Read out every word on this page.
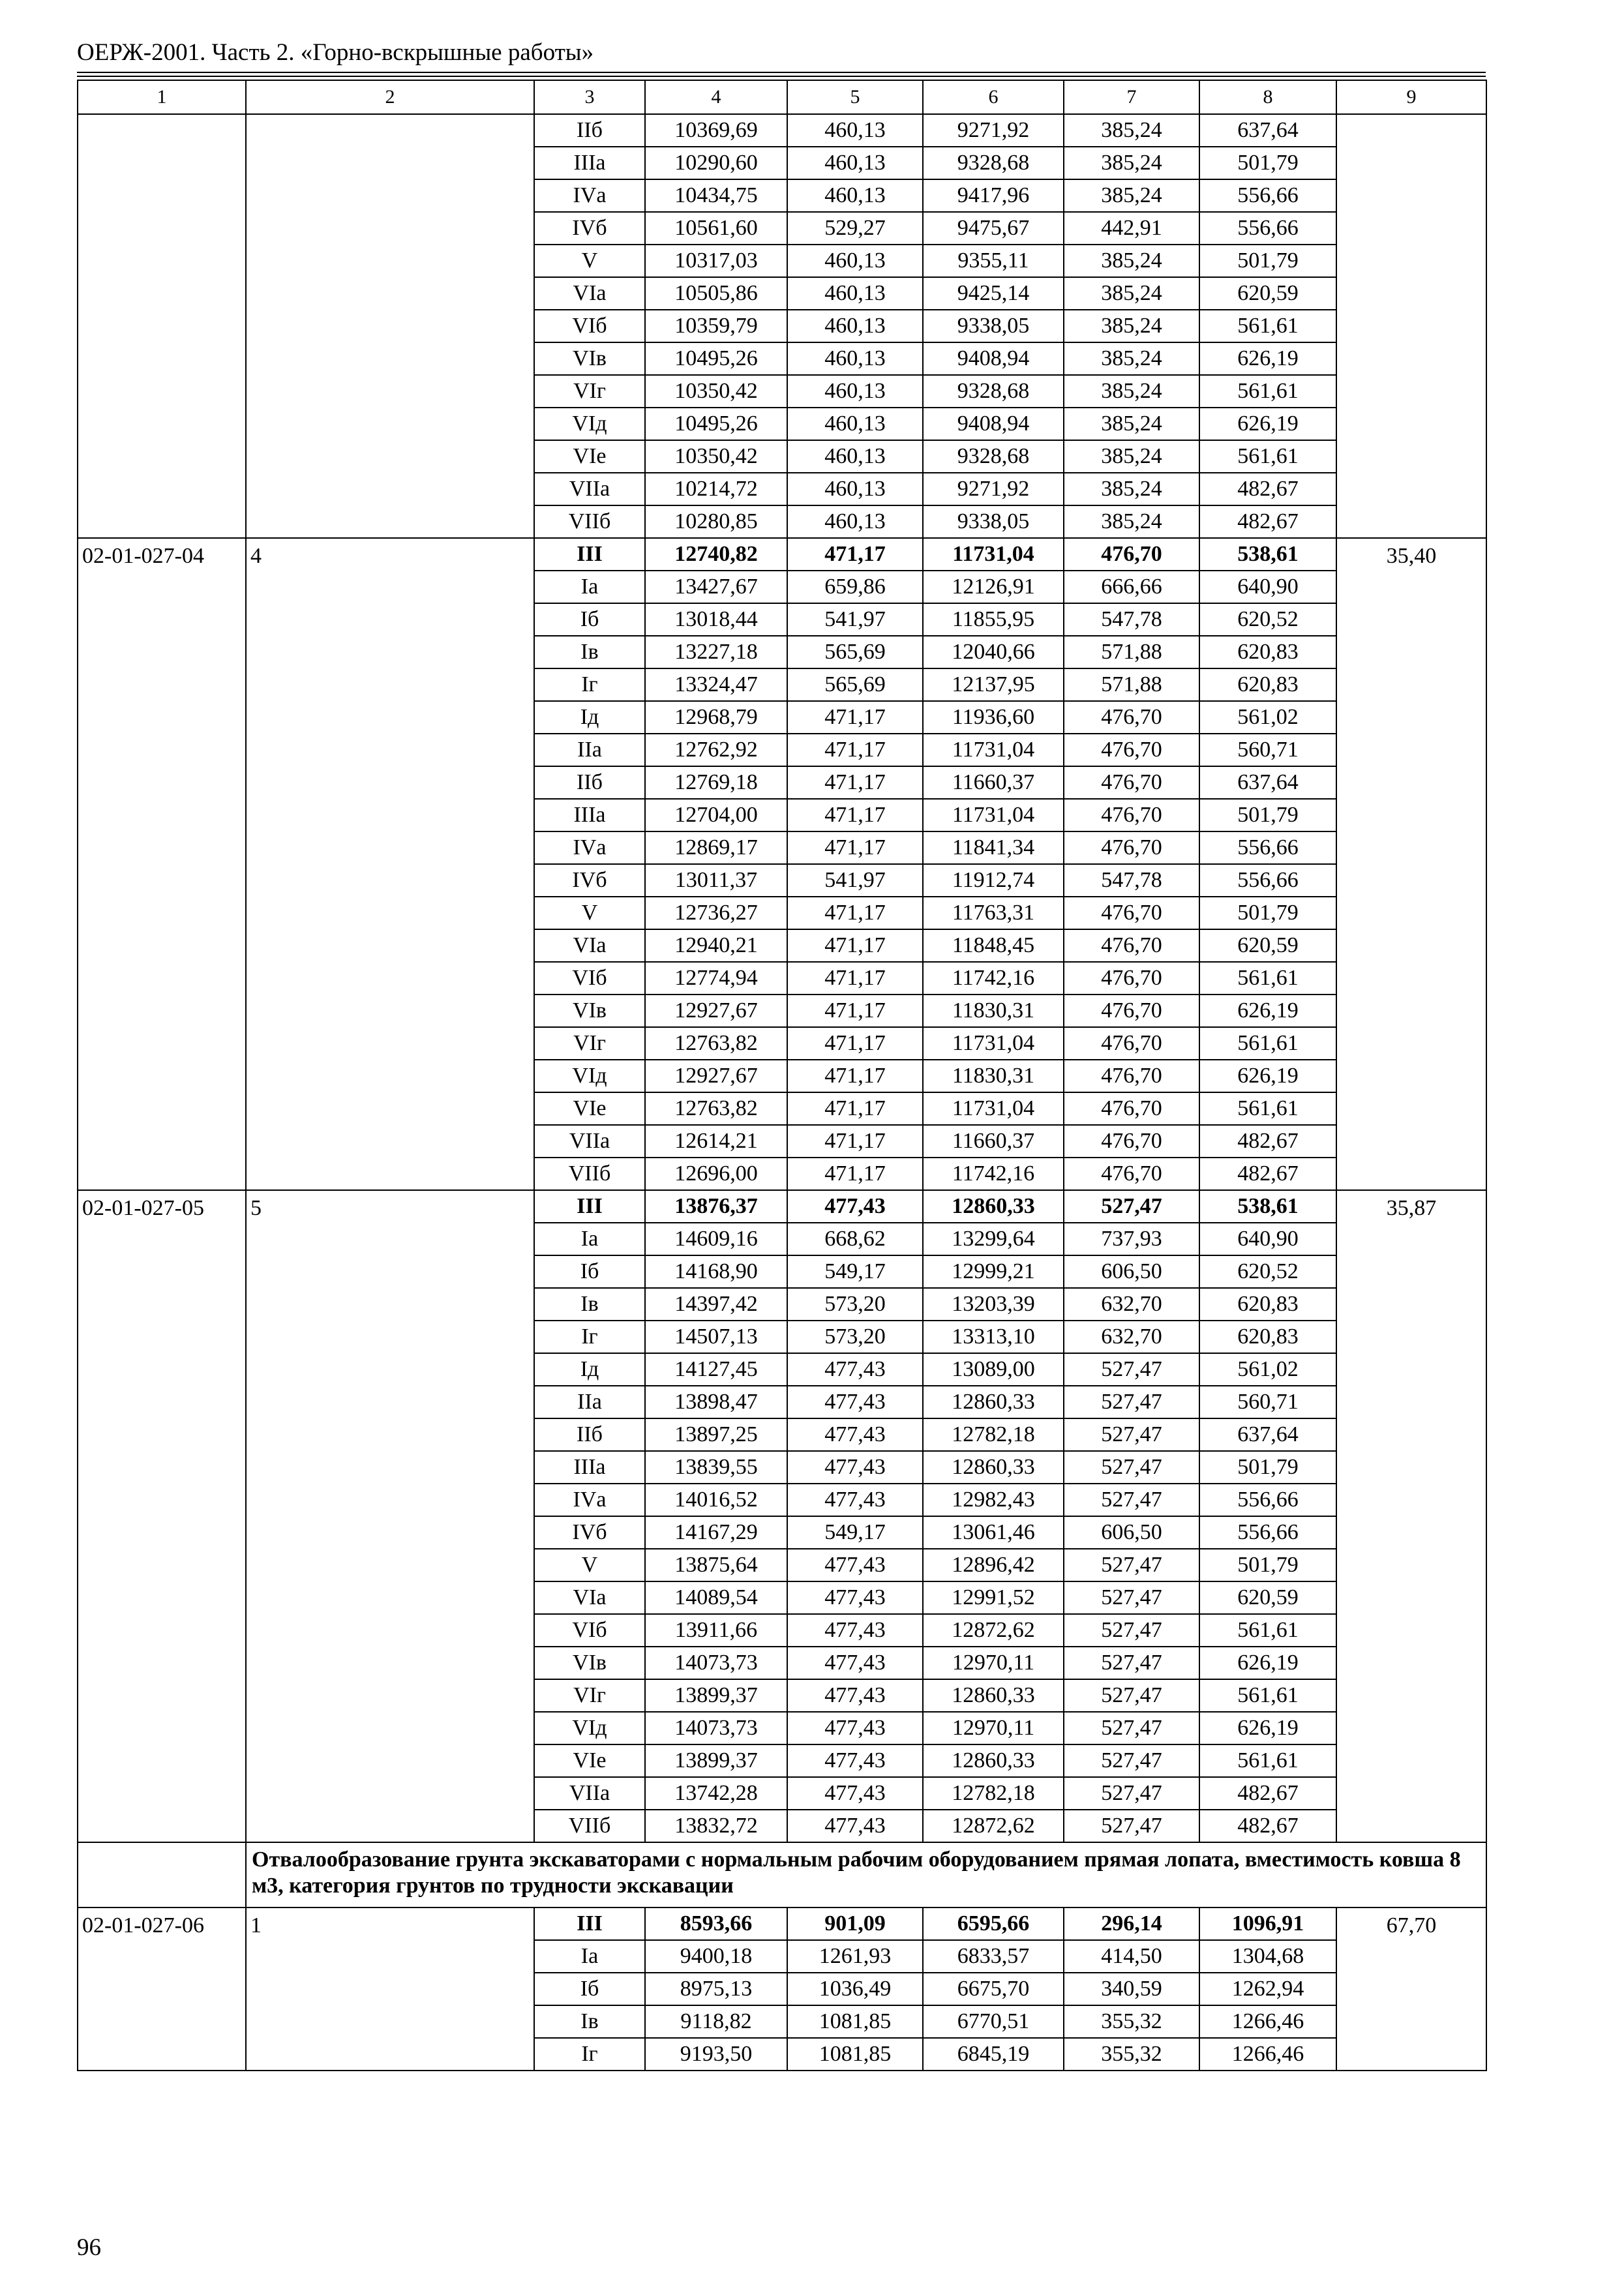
ОЕРЖ-2001. Часть 2. «Горно-вскрышные работы»
1	2	3	4	5	6	7	8	9
		IIб	10369,69	460,13	9271,92	385,24	637,64	
		IIIа	10290,60	460,13	9328,68	385,24	501,79	
		IVа	10434,75	460,13	9417,96	385,24	556,66	
		IVб	10561,60	529,27	9475,67	442,91	556,66	
		V	10317,03	460,13	9355,11	385,24	501,79	
		VIа	10505,86	460,13	9425,14	385,24	620,59	
		VIб	10359,79	460,13	9338,05	385,24	561,61	
		VIв	10495,26	460,13	9408,94	385,24	626,19	
		VIг	10350,42	460,13	9328,68	385,24	561,61	
		VIд	10495,26	460,13	9408,94	385,24	626,19	
		VIе	10350,42	460,13	9328,68	385,24	561,61	
		VIIа	10214,72	460,13	9271,92	385,24	482,67	
		VIIб	10280,85	460,13	9338,05	385,24	482,67	
02-01-027-04	4	III	12740,82	471,17	11731,04	476,70	538,61	35,40
		Iа	13427,67	659,86	12126,91	666,66	640,90	
		Iб	13018,44	541,97	11855,95	547,78	620,52	
		Iв	13227,18	565,69	12040,66	571,88	620,83	
		Iг	13324,47	565,69	12137,95	571,88	620,83	
		Iд	12968,79	471,17	11936,60	476,70	561,02	
		IIа	12762,92	471,17	11731,04	476,70	560,71	
		IIб	12769,18	471,17	11660,37	476,70	637,64	
		IIIа	12704,00	471,17	11731,04	476,70	501,79	
		IVа	12869,17	471,17	11841,34	476,70	556,66	
		IVб	13011,37	541,97	11912,74	547,78	556,66	
		V	12736,27	471,17	11763,31	476,70	501,79	
		VIа	12940,21	471,17	11848,45	476,70	620,59	
		VIб	12774,94	471,17	11742,16	476,70	561,61	
		VIв	12927,67	471,17	11830,31	476,70	626,19	
		VIг	12763,82	471,17	11731,04	476,70	561,61	
		VIд	12927,67	471,17	11830,31	476,70	626,19	
		VIе	12763,82	471,17	11731,04	476,70	561,61	
		VIIа	12614,21	471,17	11660,37	476,70	482,67	
		VIIб	12696,00	471,17	11742,16	476,70	482,67	
02-01-027-05	5	III	13876,37	477,43	12860,33	527,47	538,61	35,87
		Iа	14609,16	668,62	13299,64	737,93	640,90	
		Iб	14168,90	549,17	12999,21	606,50	620,52	
		Iв	14397,42	573,20	13203,39	632,70	620,83	
		Iг	14507,13	573,20	13313,10	632,70	620,83	
		Iд	14127,45	477,43	13089,00	527,47	561,02	
		IIа	13898,47	477,43	12860,33	527,47	560,71	
		IIб	13897,25	477,43	12782,18	527,47	637,64	
		IIIа	13839,55	477,43	12860,33	527,47	501,79	
		IVа	14016,52	477,43	12982,43	527,47	556,66	
		IVб	14167,29	549,17	13061,46	606,50	556,66	
		V	13875,64	477,43	12896,42	527,47	501,79	
		VIа	14089,54	477,43	12991,52	527,47	620,59	
		VIб	13911,66	477,43	12872,62	527,47	561,61	
		VIв	14073,73	477,43	12970,11	527,47	626,19	
		VIг	13899,37	477,43	12860,33	527,47	561,61	
		VIд	14073,73	477,43	12970,11	527,47	626,19	
		VIе	13899,37	477,43	12860,33	527,47	561,61	
		VIIа	13742,28	477,43	12782,18	527,47	482,67	
		VIIб	13832,72	477,43	12872,62	527,47	482,67	
	Отвалообразование грунта экскаваторами с нормальным рабочим оборудованием прямая лопата, вместимость ковша 8 м3, категория грунтов по трудности экскавации							
02-01-027-06	1	III	8593,66	901,09	6595,66	296,14	1096,91	67,70
		Iа	9400,18	1261,93	6833,57	414,50	1304,68	
		Iб	8975,13	1036,49	6675,70	340,59	1262,94	
		Iв	9118,82	1081,85	6770,51	355,32	1266,46	
		Iг	9193,50	1081,85	6845,19	355,32	1266,46	
96
